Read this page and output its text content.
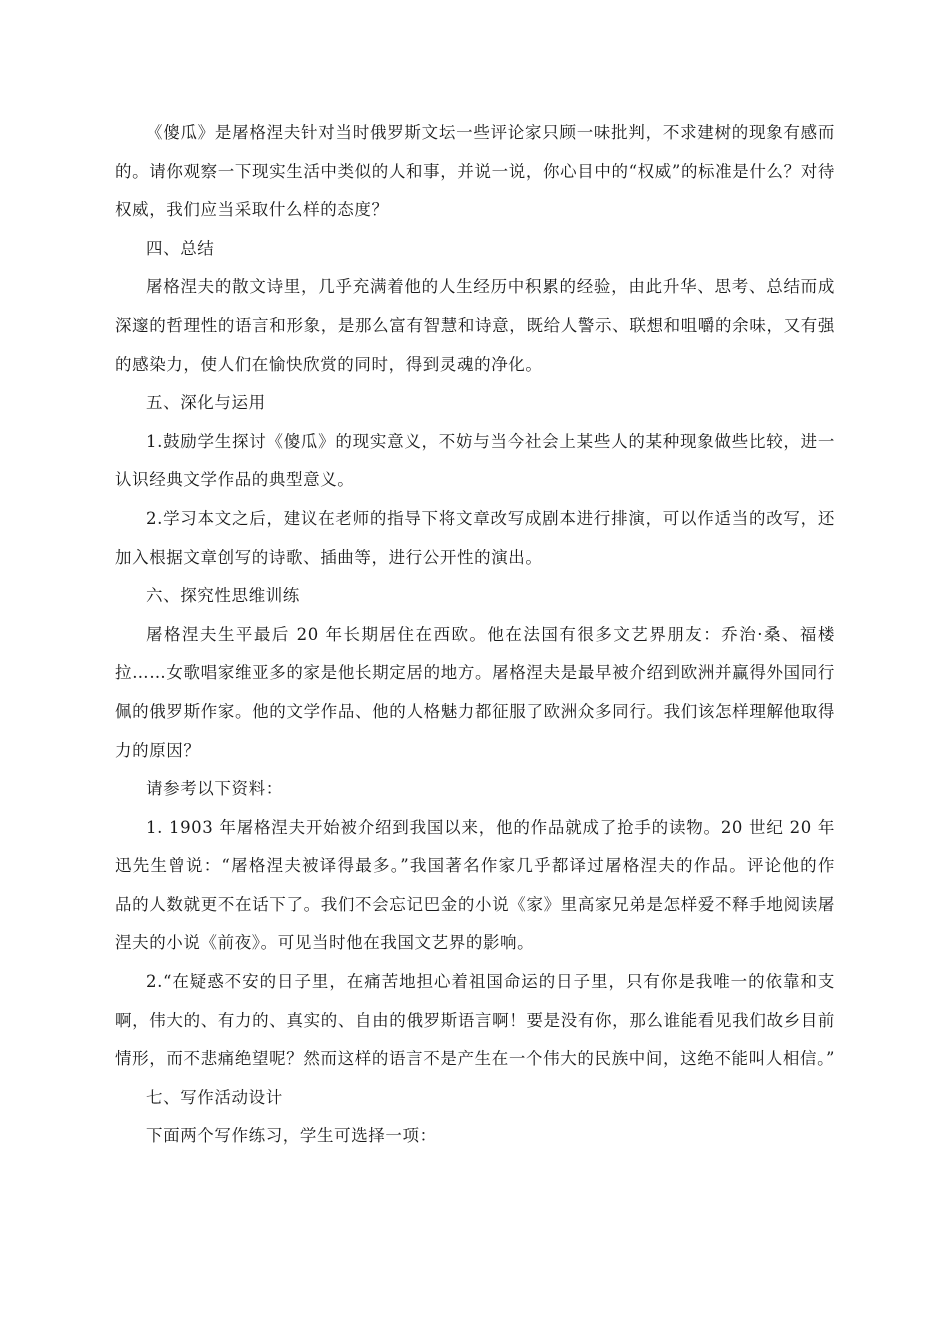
《傻瓜》是屠格涅夫针对当时俄罗斯文坛一些评论家只顾一味批判，不求建树的现象有感而
的。请你观察一下现实生活中类似的人和事，并说一说，你心目中的“权威”的标准是什么？对待
权威，我们应当采取什么样的态度？
四、总结
屠格涅夫的散文诗里，几乎充满着他的人生经历中积累的经验，由此升华、思考、总结而成
深邃的哲理性的语言和形象，是那么富有智慧和诗意，既给人警示、联想和咀嚼的余味，又有强
的感染力，使人们在愉快欣赏的同时，得到灵魂的净化。
五、深化与运用
1.鼓励学生探讨《傻瓜》的现实意义，不妨与当今社会上某些人的某种现象做些比较，进一
认识经典文学作品的典型意义。
2.学习本文之后，建议在老师的指导下将文章改写成剧本进行排演，可以作适当的改写，还
加入根据文章创写的诗歌、插曲等，进行公开性的演出。
六、探究性思维训练
屠格涅夫生平最后 20 年长期居住在西欧。他在法国有很多文艺界朋友：乔治·桑、福楼
拉……女歌唱家维亚多的家是他长期定居的地方。屠格涅夫是最早被介绍到欧洲并赢得外国同行
佩的俄罗斯作家。他的文学作品、他的人格魅力都征服了欧洲众多同行。我们该怎样理解他取得
力的原因？
请参考以下资料：
1. 1903 年屠格涅夫开始被介绍到我国以来，他的作品就成了抢手的读物。20 世纪 20 年
迅先生曾说：“屠格涅夫被译得最多。”我国著名作家几乎都译过屠格涅夫的作品。评论他的作
品的人数就更不在话下了。我们不会忘记巴金的小说《家》里高家兄弟是怎样爱不释手地阅读屠
涅夫的小说《前夜》。可见当时他在我国文艺界的影响。
2.“在疑惑不安的日子里，在痛苦地担心着祖国命运的日子里，只有你是我唯一的依靠和支
啊，伟大的、有力的、真实的、自由的俄罗斯语言啊！要是没有你，那么谁能看见我们故乡目前
情形，而不悲痛绝望呢？然而这样的语言不是产生在一个伟大的民族中间，这绝不能叫人相信。”
七、写作活动设计
下面两个写作练习，学生可选择一项：
